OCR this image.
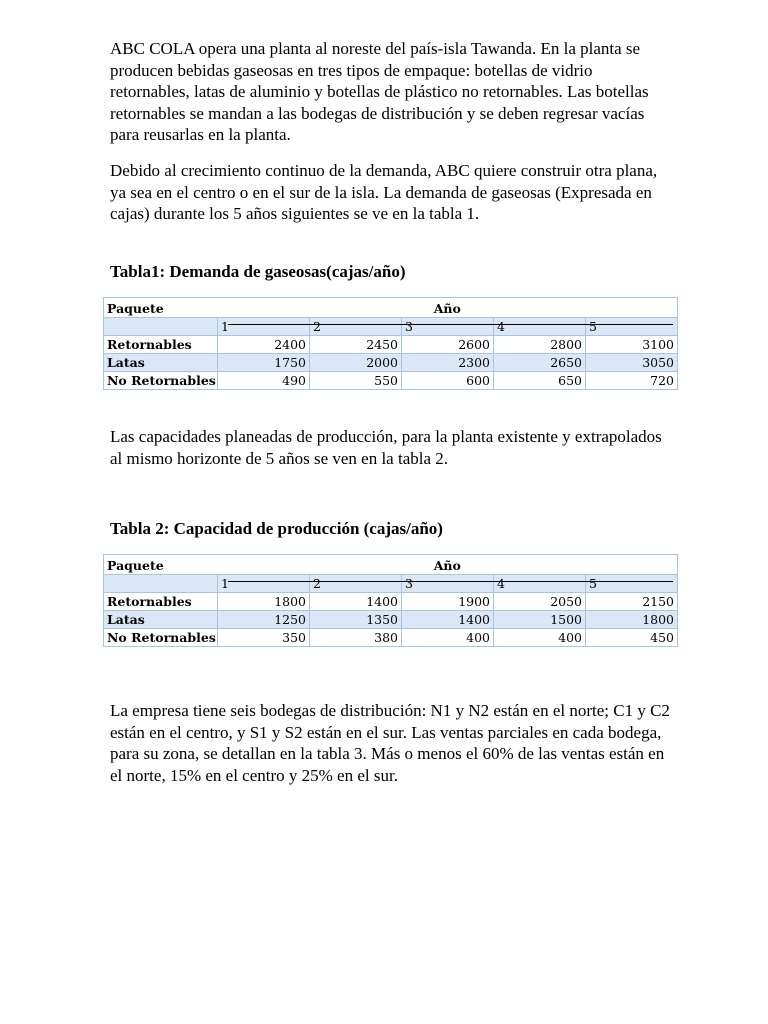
ABC COLA opera una planta al noreste del país-isla Tawanda. En la planta se producen bebidas gaseosas en tres tipos de empaque: botellas de vidrio retornables, latas de aluminio y botellas de plástico no retornables. Las botellas retornables se mandan a las bodegas de distribución y se deben regresar vacías para reusarlas en la planta.

Debido al crecimiento continuo de la demanda, ABC quiere construir otra plana, ya sea en el centro o en el sur de la isla. La demanda de gaseosas (Expresada en cajas) durante los 5 años siguientes se ve en la tabla 1.

Tabla1: Demanda de gaseosas(cajas/año)

Paquete	Año				

	1	2	3	4	5
Retornables	2400	2450	2600	2800	3100
Latas	1750	2000	2300	2650	3050
No Retornables	490	550	600	650	720

Las capacidades planeadas de producción, para la planta existente y extrapolados al mismo horizonte de 5 años se ven en la tabla 2.

Tabla 2: Capacidad de producción (cajas/año)

Paquete	Año				

	1	2	3	4	5
Retornables	1800	1400	1900	2050	2150
Latas	1250	1350	1400	1500	1800
No Retornables	350	380	400	400	450

La empresa tiene seis bodegas de distribución: N1 y N2 están en el norte; C1 y C2 están en el centro, y S1 y S2 están en el sur. Las ventas parciales en cada bodega, para su zona, se detallan en la tabla 3. Más o menos el 60% de las ventas están en el norte, 15% en el centro y 25% en el sur.
